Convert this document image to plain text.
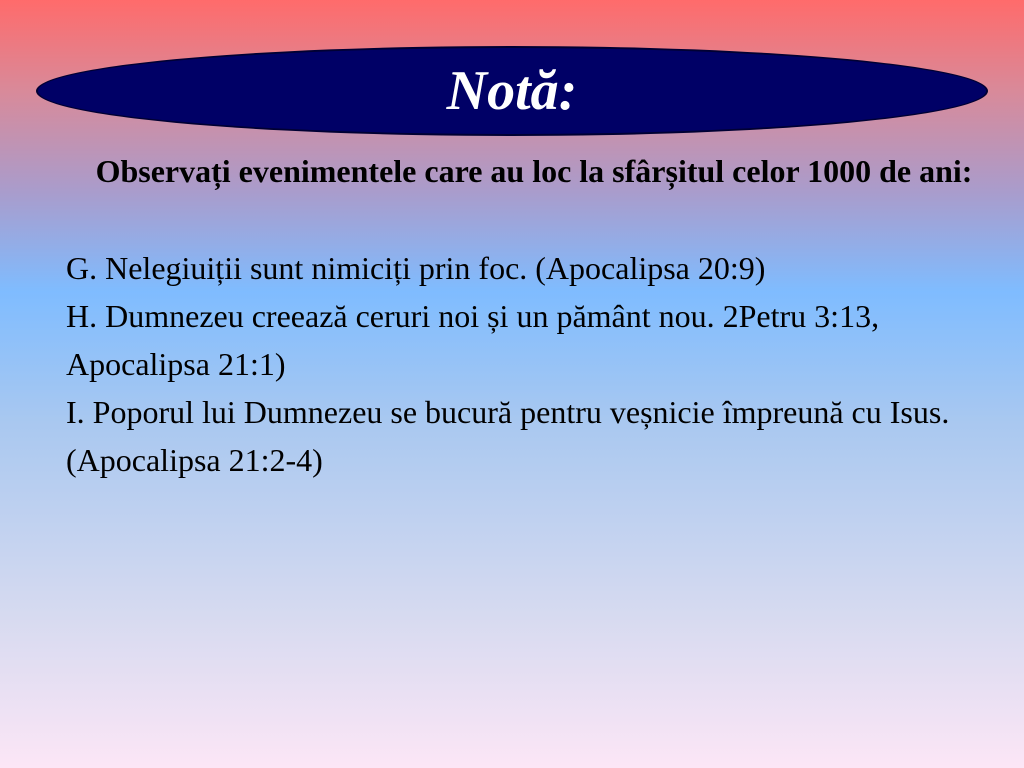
Notă:
Observați evenimentele care au loc la sfârșitul celor 1000 de ani:

G. Nelegiuiții sunt nimiciți prin foc. (Apocalipsa 20:9)

H. Dumnezeu creează ceruri noi și un pământ nou. 2Petru 3:13, Apocalipsa 21:1)

I. Poporul lui Dumnezeu se bucură pentru veșnicie împreună cu Isus. (Apocalipsa 21:2-4)
